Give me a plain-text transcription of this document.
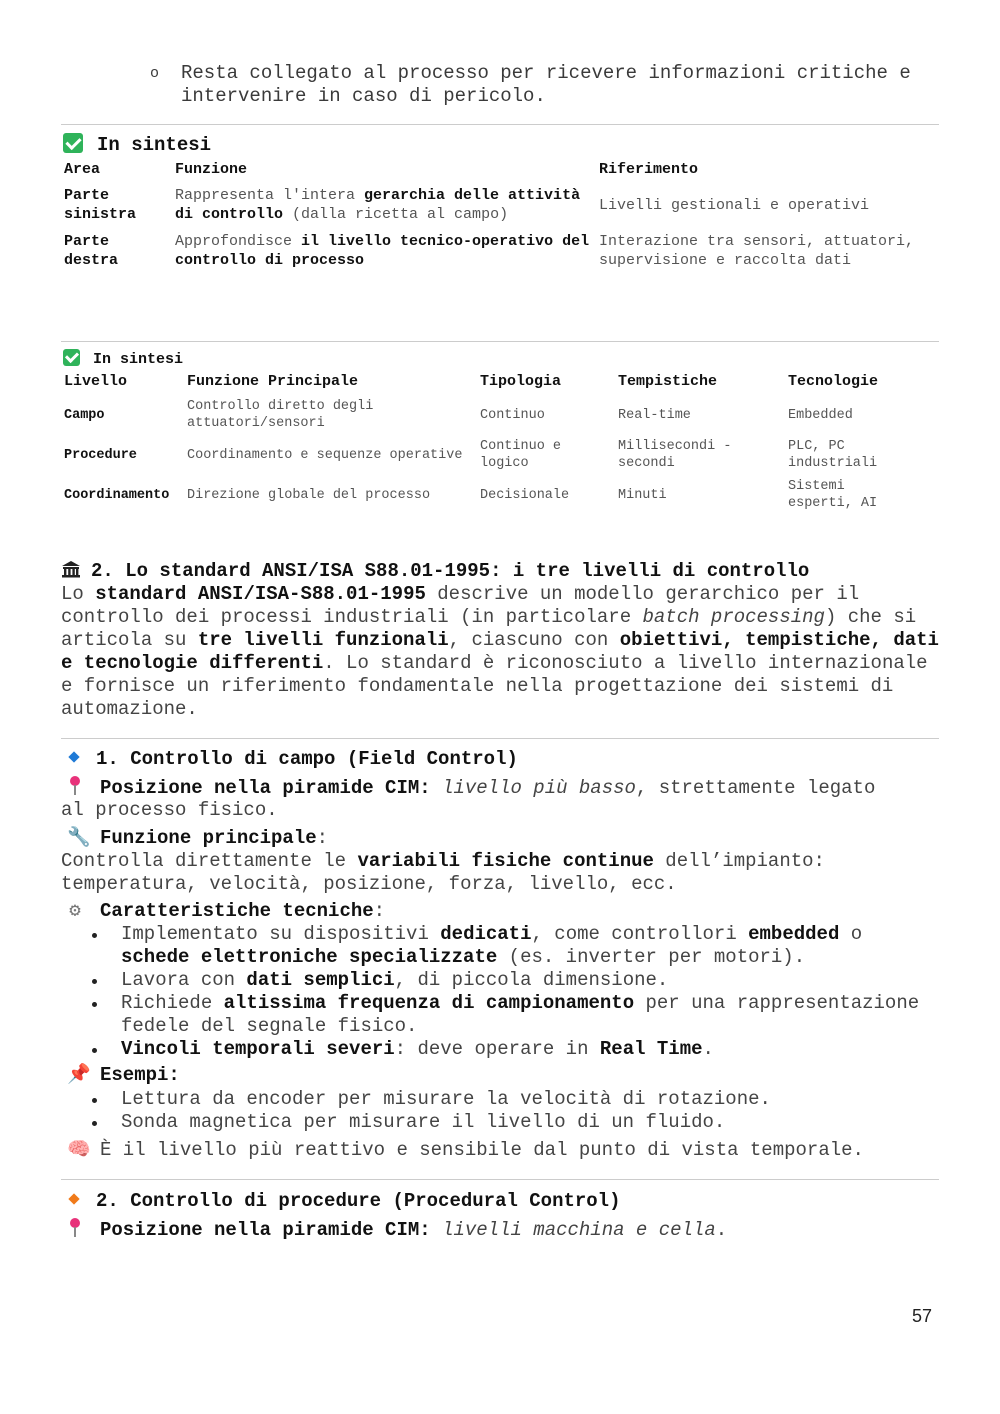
o Resta collegato al processo per ricevere informazioni critiche e intervenire in caso di pericolo.
In sintesi
Area	Funzione	Riferimento
Parte sinistra	Rappresenta l'intera gerarchia delle attività di controllo (dalla ricetta al campo)	Livelli gestionali e operativi
Parte destra	Approfondisce il livello tecnico-operativo del controllo di processo	Interazione tra sensori, attuatori, supervisione e raccolta dati
In sintesi
Livello	Funzione Principale	Tipologia	Tempistiche	Tecnologie
Campo	Controllo diretto degli attuatori/sensori	Continuo	Real-time	Embedded
Procedure	Coordinamento e sequenze operative	Continuo e logico	Millisecondi - secondi	PLC, PC industriali
Coordinamento	Direzione globale del processo	Decisionale	Minuti	Sistemi esperti, AI
2. Lo standard ANSI/ISA S88.01-1995: i tre livelli di controllo
Lo standard ANSI/ISA-S88.01-1995 descrive un modello gerarchico per il controllo dei processi industriali (in particolare batch processing) che si articola su tre livelli funzionali, ciascuno con obiettivi, tempistiche, dati e tecnologie differenti. Lo standard è riconosciuto a livello internazionale e fornisce un riferimento fondamentale nella progettazione dei sistemi di automazione.
1. Controllo di campo (Field Control)
Posizione nella piramide CIM: livello più basso, strettamente legato
al processo fisico.
🔧 Funzione principale:
Controlla direttamente le variabili fisiche continue dell’impianto:
temperatura, velocità, posizione, forza, livello, ecc.
⚙ Caratteristiche tecniche:
Implementato su dispositivi dedicati, come controllori embedded o schede elettroniche specializzate (es. inverter per motori).
Lavora con dati semplici, di piccola dimensione.
Richiede altissima frequenza di campionamento per una rappresentazione fedele del segnale fisico.
Vincoli temporali severi: deve operare in Real Time.
📌 Esempi:
Lettura da encoder per misurare la velocità di rotazione.
Sonda magnetica per misurare il livello di un fluido.
🧠 È il livello più reattivo e sensibile dal punto di vista temporale.
2. Controllo di procedure (Procedural Control)
Posizione nella piramide CIM: livelli macchina e cella.
57
